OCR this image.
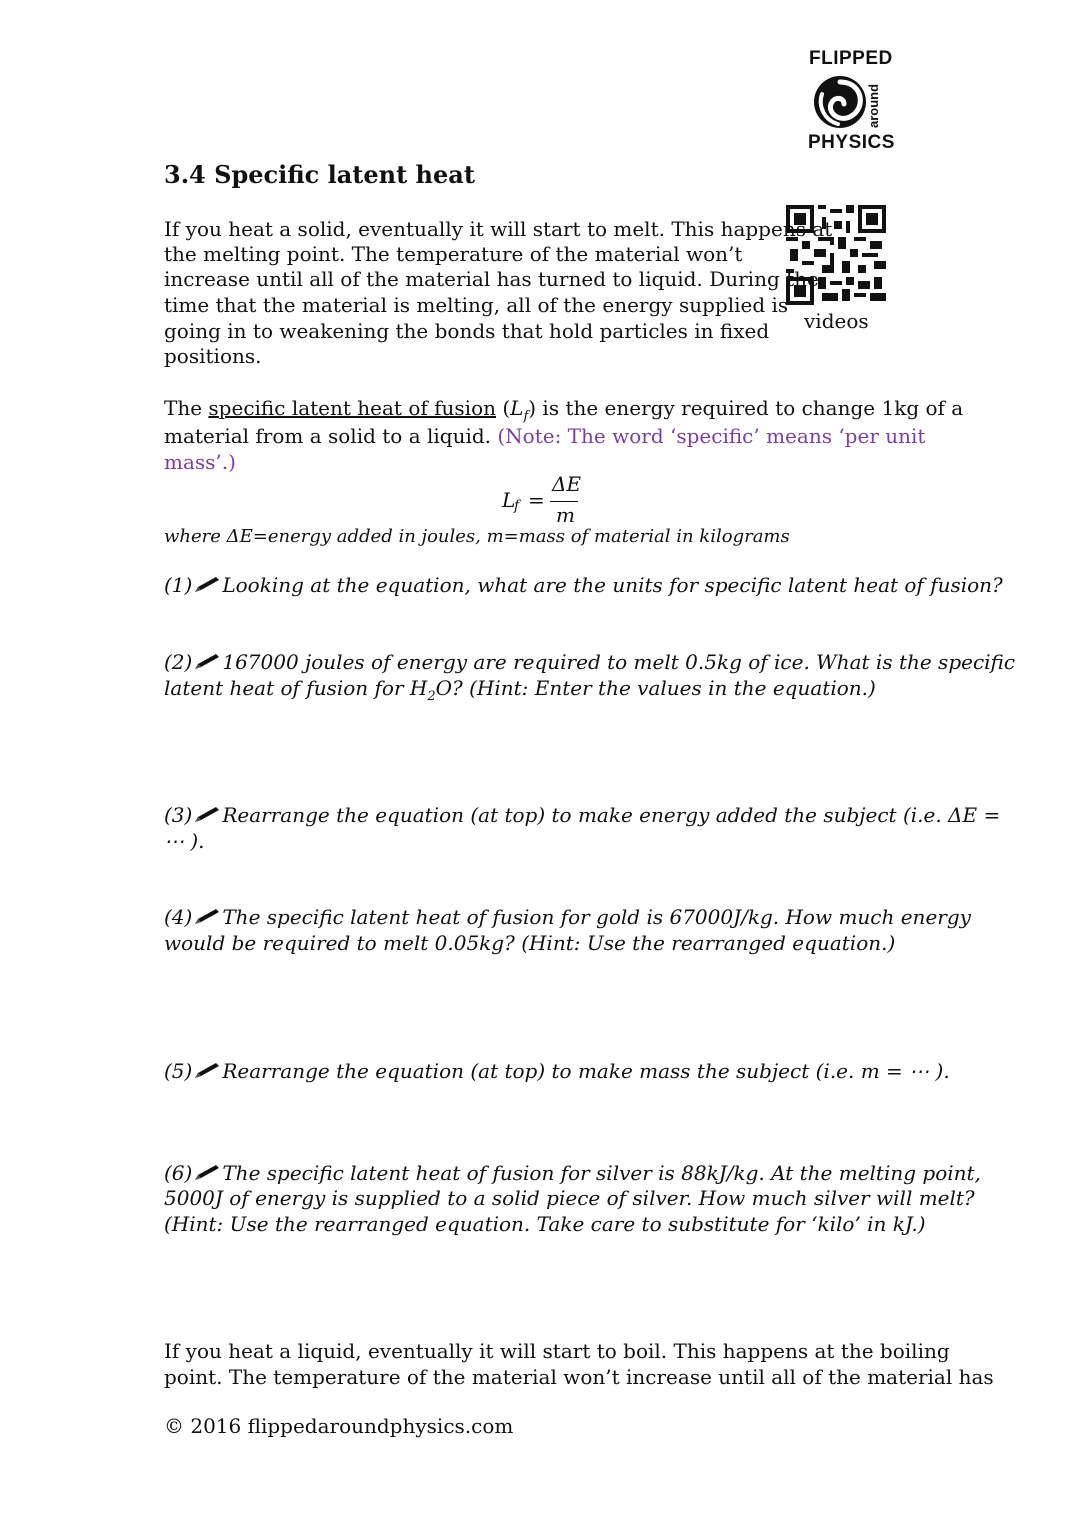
FLIPPED
around
PHYSICS
3.4 Specific latent heat
videos
If you heat a solid, eventually it will start to melt. This happens at
the melting point. The temperature of the material won’t
increase until all of the material has turned to liquid. During the
time that the material is melting, all of the energy supplied is
going in to weakening the bonds that hold particles in fixed
positions.
The specific latent heat of fusion $(L_f)$ is the energy required to change 1kg of a
material from a solid to a liquid. (Note: The word ‘specific’ means ‘per unit
mass’.)
L
f =
ΔE
m
where ΔE=energy added in joules, m=mass of material in kilograms
(1) Looking at the equation, what are the units for specific latent heat of fusion?
(2) 167000 joules of energy are required to melt 0.5kg of ice. What is the specific
latent heat of fusion for $H_2O$? (Hint: Enter the values in the equation.)
(3) Rearrange the equation (at top) to make energy added the subject (i.e. ΔE =
⋯ ).
(4) The specific latent heat of fusion for gold is 67000J/kg. How much energy
would be required to melt 0.05kg? (Hint: Use the rearranged equation.)
(5) Rearrange the equation (at top) to make mass the subject (i.e. m = ⋯ ).
(6) The specific latent heat of fusion for silver is 88kJ/kg. At the melting point,
5000J of energy is supplied to a solid piece of silver. How much silver will melt?
(Hint: Use the rearranged equation. Take care to substitute for ‘kilo’ in kJ.)
If you heat a liquid, eventually it will start to boil. This happens at the boiling
point. The temperature of the material won’t increase until all of the material has
© 2016 flippedaroundphysics.com
